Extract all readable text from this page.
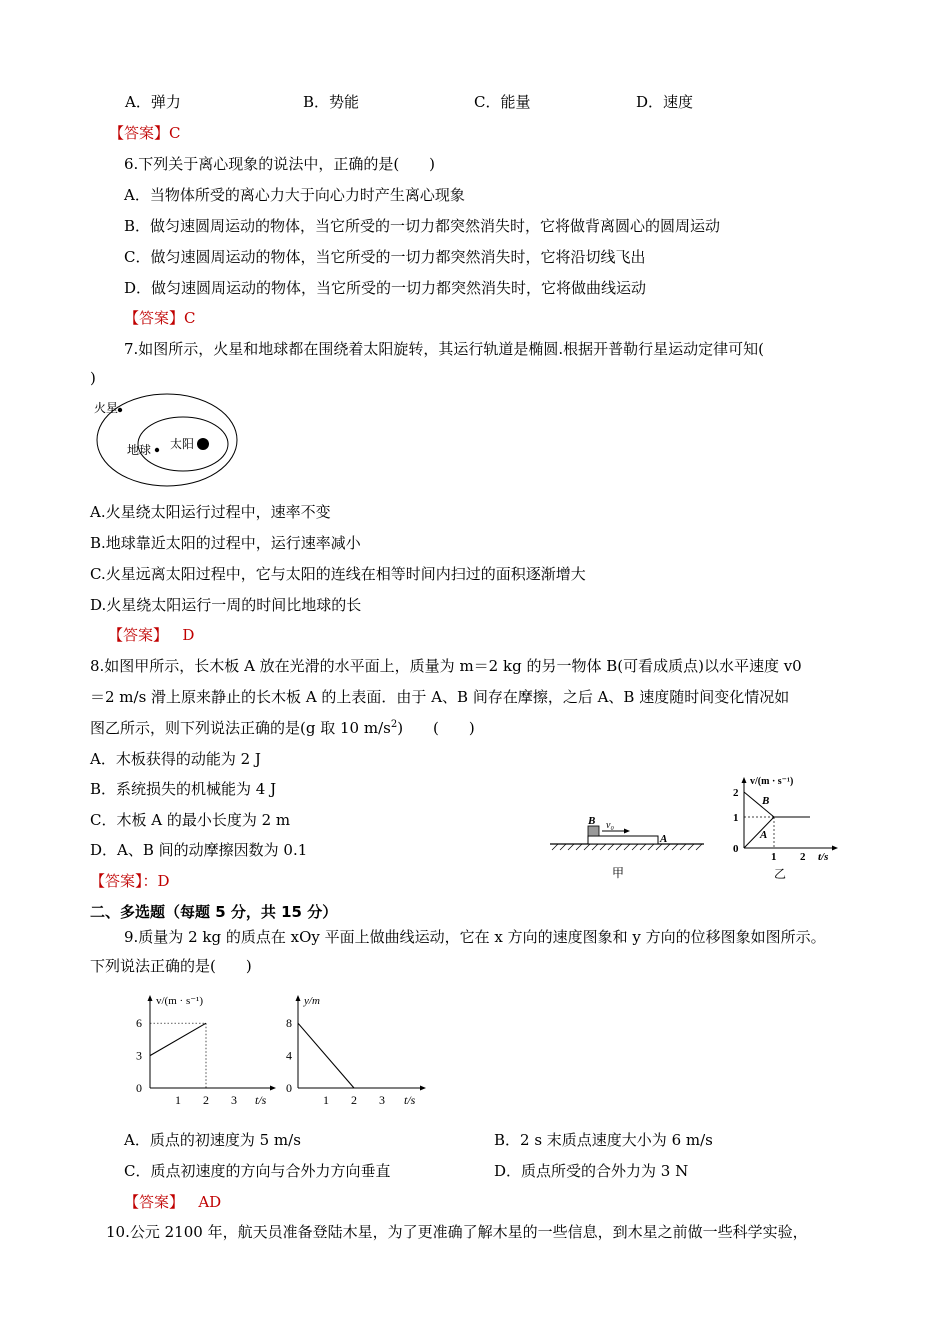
A．弹力	B．势能	C．能量	D．速度
【答案】C
6.下列关于离心现象的说法中，正确的是(　　)
A．当物体所受的离心力大于向心力时产生离心现象
B．做匀速圆周运动的物体，当它所受的一切力都突然消失时，它将做背离圆心的圆周运动
C．做匀速圆周运动的物体，当它所受的一切力都突然消失时，它将沿切线飞出
D．做匀速圆周运动的物体，当它所受的一切力都突然消失时，它将做曲线运动
【答案】C
7.如图所示，火星和地球都在围绕着太阳旋转，其运行轨道是椭圆.根据开普勒行星运动定律可知(
)
火星
地球 太阳
A.火星绕太阳运行过程中，速率不变
B.地球靠近太阳的过程中，运行速率减小
C.火星远离太阳过程中，它与太阳的连线在相等时间内扫过的面积逐渐增大
D.火星绕太阳运行一周的时间比地球的长
【答案】 D
8.如图甲所示，长木板 A 放在光滑的水平面上，质量为 m＝2 kg 的另一物体 B(可看成质点)以水平速度 v0
＝2 m/s 滑上原来静止的长木板 A 的上表面．由于 A、B 间存在摩擦，之后 A、B 速度随时间变化情况如
图乙所示，则下列说法正确的是(g 取 10 $m/s^2$)　　(　　)
A．木板获得的动能为 2 J
B．系统损失的机械能为 4 J
C．木板 A 的最小长度为 2 m
D．A、B 间的动摩擦因数为 0.1
【答案】：D
B v₀
A
甲
v/(m · s⁻¹)
2
1
0
1 2 t/s
B
A
乙
二、多选题（每题 5 分，共 15 分）
9.质量为 2 kg 的质点在 xOy 平面上做曲线运动，它在 x 方向的速度图象和 y 方向的位移图象如图所示。
下列说法正确的是(　　)
v/(m · s⁻¹)
t/s
1 2 3
0
3
6
y/m
t/s
1 2 3
0
4
8
A．质点的初速度为 5 m/s	B．2 s 末质点速度大小为 6 m/s
C．质点初速度的方向与合外力方向垂直	D．质点所受的合外力为 3 N
【答案】 AD
10.公元 2100 年，航天员准备登陆木星，为了更准确了解木星的一些信息，到木星之前做一些科学实验，
